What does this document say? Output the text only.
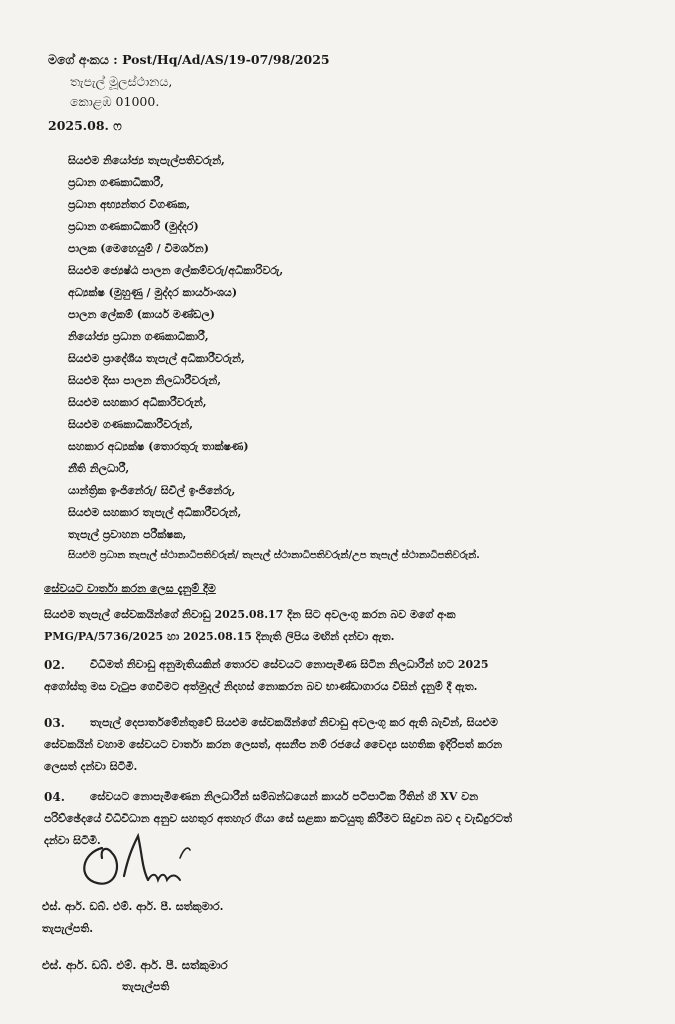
මගේ අංකය : Post/Hq/Ad/AS/19-07/98/2025
තැපැල් මූලස්ථානය,
කොළඹ 01000.
2025.08. ෆ
සියළුම නියෝජ්‍ය තැපැල්පතිවරුන්,
ප්‍රධාන ගණකාධිකාරී,
ප්‍රධාන අභ්‍යන්තර විගණක,
ප්‍රධාන ගණකාධිකාරී (මුද්දර)
පාලක (මෙහෙයුම් / විමර්ශන)
සියළුම ජ්‍යෙෂ්ඨ පාලන ලේකම්වරු/අධිකාරිවරු,
අධ්‍යක්ෂ (මුහුණු / මුද්දර කාර්යාංශය)
පාලන ලේකම් (කාර්ය මණ්ඩල)
නියෝජ්‍ය ප්‍රධාන ගණකාධිකාරී,
සියළුම ප්‍රාදේශීය තැපැල් අධිකාරීවරුන්,
සියළුම දිසා පාලන නිලධාරීවරුන්,
සියළුම සහකාර අධිකාරීවරුන්,
සියළුම ගණකාධිකාරීවරුන්,
සහකාර අධ්‍යක්ෂ (තොරතුරු තාක්ෂණ)
නීති නිලධාරී,
යාන්ත්‍රික ඉංජිනේරු/ සිවිල් ඉංජිනේරු,
සියළුම සහකාර තැපැල් අධිකාරීවරුන්,
තැපැල් ප්‍රවාහන පරීක්ෂක,
සියළුම ප්‍රධාන තැපැල් ස්ථානාධිපතිවරුන්/ තැපැල් ස්ථානාධිපතිවරුන්/උප තැපැල් ස්ථානාධිපතිවරුන්.
සේවයට වාර්තා කරන ලෙස දැනුම් දීම
සියළුම තැපැල් සේවකයින්ගේ නිවාඩු 2025.08.17 දින සිට අවලංගු කරන බව මගේ අංක
PMG/PA/5736/2025 හා 2025.08.15 දිනැති ලිපිය මඟින් දන්වා ඇත.
02. විධිමත් නිවාඩු අනුමැතියකින් තොරව සේවයට නොපැමිණ සිටින නිලධාරීන් හට 2025
අගෝස්තු මස වැටුප ගෙවීමට අත්මුදල් නිදහස් නොකරන බව භාණ්ඩාගාරය විසින් දැනුම් දී ඇත.
03. තැපැල් දෙපාර්තමේන්තුවේ සියළුම සේවකයින්ගේ නිවාඩු අවලංගු කර ඇති බැවින්, සියළුම
සේවකයින් වහාම සේවයට වාර්තා කරන ලෙසත්, අසනීප නම් රජයේ වෛද්‍ය සහතික ඉදිරිපත් කරන
ලෙසත් දන්වා සිටිමි.
04. සේවයට නොපැමිණෙන නිලධාරීන් සම්බන්ධයෙන් කාර්ය පටිපාටික රීතින් හි XV වන
පරිච්ඡේදයේ විධිවිධාන අනුව සහතුර අතහැර ගියා සේ සළකා කටයුතු කිරීමට සිදුවන බව ද වැඩිදුරටත්
දන්වා සිටිමි.
එස්. ආර්. ඩබ්. එම්. ආර්. පී. සත්කුමාර.
තැපැල්පති.
එස්. ආර්. ඩබ්. එම්. ආර්. පී. සත්කුමාර
තැපැල්පති
